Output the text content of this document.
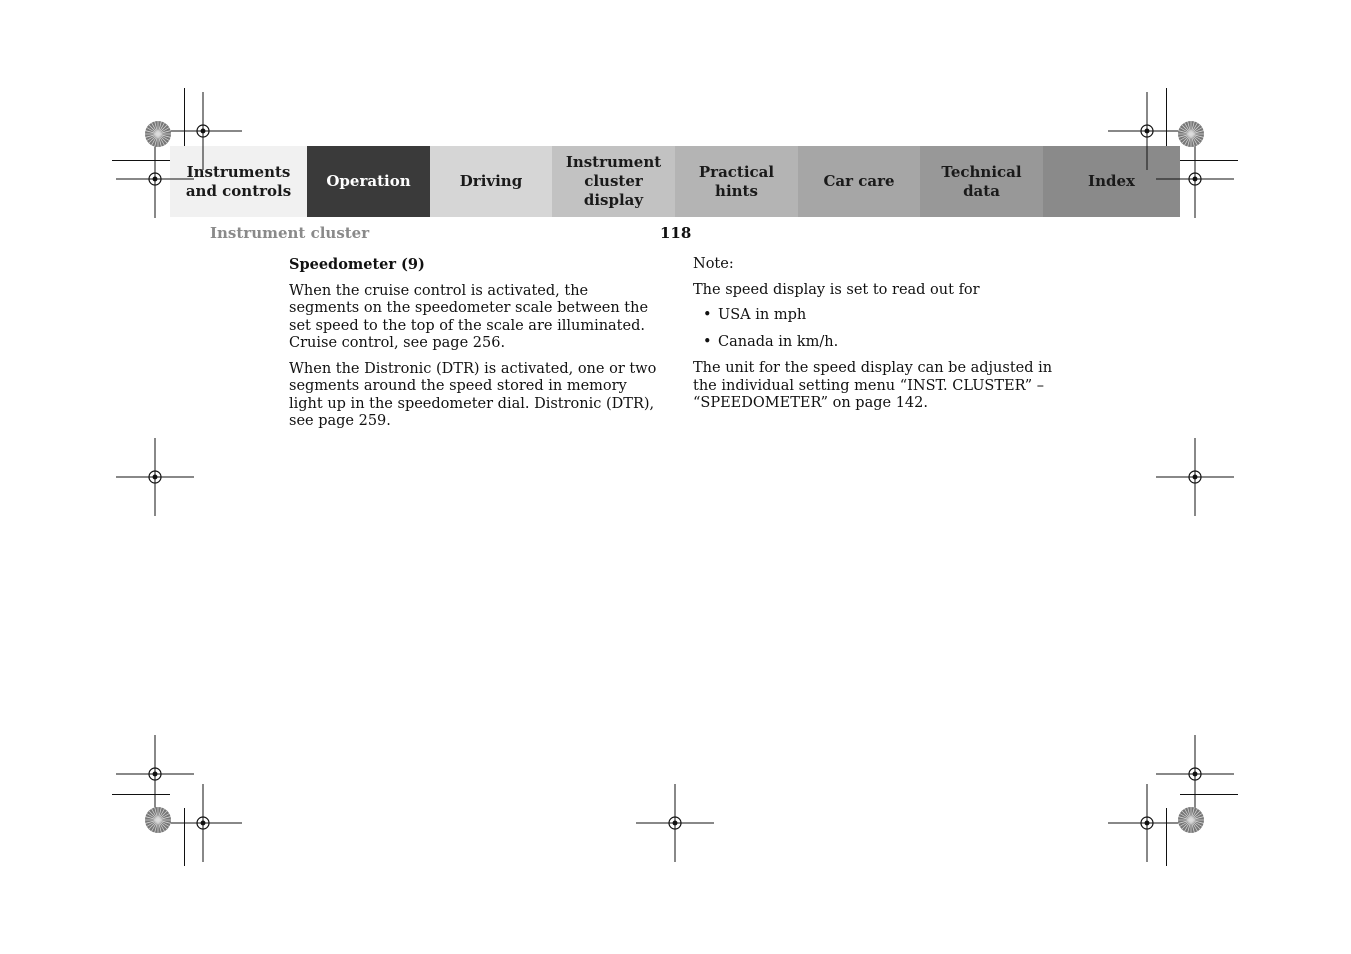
Instruments
and controls
Operation	Driving
Instrument
cluster display
Practical hints
Car care
Technical
data
Index
Instrument cluster	118

Speedometer (9)

When the cruise control is activated, the segments on the speedometer scale between the set speed to the top of the scale are illuminated. Cruise control, see page 256.

When the Distronic (DTR) is activated, one or two segments around the speed stored in memory light up in the speedometer dial. Distronic (DTR), see page 259.

Note:

The speed display is set to read out for

• USA in mph
• Canada in km/h.

The unit for the speed display can be adjusted in the individual setting menu “INST. CLUSTER” – “SPEEDOMETER” on page 142.
